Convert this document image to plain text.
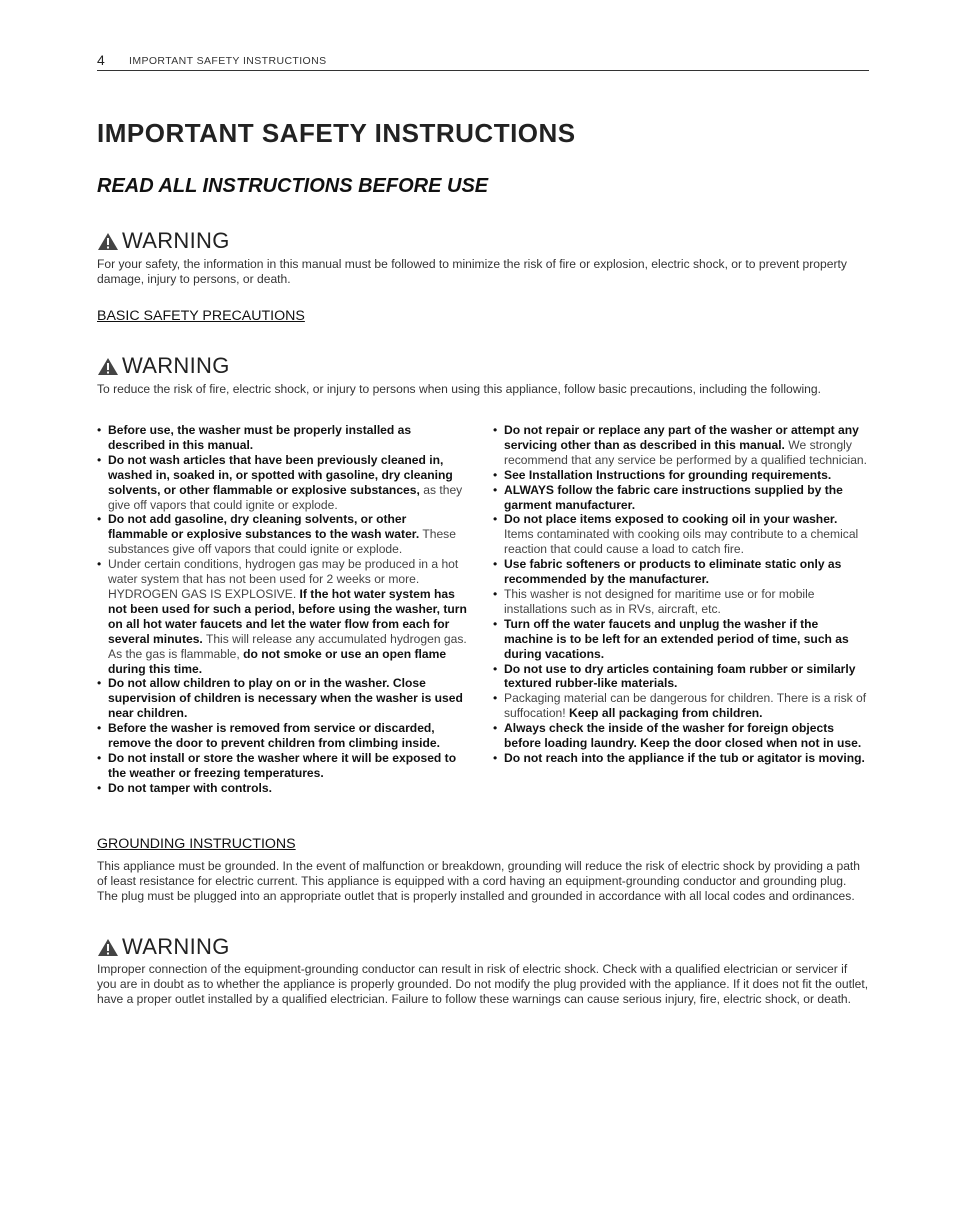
4 IMPORTANT SAFETY INSTRUCTIONS
IMPORTANT SAFETY INSTRUCTIONS
READ ALL INSTRUCTIONS BEFORE USE
WARNING

For your safety, the information in this manual must be followed to minimize the risk of fire or explosion, electric shock, or to prevent property damage, injury to persons, or death.

BASIC SAFETY PRECAUTIONS

WARNING

To reduce the risk of fire, electric shock, or injury to persons when using this appliance, follow basic precautions, including the following.

• Before use, the washer must be properly installed as described in this manual.
• Do not wash articles that have been previously cleaned in, washed in, soaked in, or spotted with gasoline, dry cleaning solvents, or other flammable or explosive substances, as they give off vapors that could ignite or explode.
• Do not add gasoline, dry cleaning solvents, or other flammable or explosive substances to the wash water. These substances give off vapors that could ignite or explode.
• Under certain conditions, hydrogen gas may be produced in a hot water system that has not been used for 2 weeks or more. HYDROGEN GAS IS EXPLOSIVE. If the hot water system has not been used for such a period, before using the washer, turn on all hot water faucets and let the water flow from each for several minutes. This will release any accumulated hydrogen gas. As the gas is flammable, do not smoke or use an open flame during this time.
• Do not allow children to play on or in the washer. Close supervision of children is necessary when the washer is used near children.
• Before the washer is removed from service or discarded, remove the door to prevent children from climbing inside.
• Do not install or store the washer where it will be exposed to the weather or freezing temperatures.
• Do not tamper with controls.
• Do not repair or replace any part of the washer or attempt any servicing other than as described in this manual. We strongly recommend that any service be performed by a qualified technician.
• See Installation Instructions for grounding requirements.
• ALWAYS follow the fabric care instructions supplied by the garment manufacturer.
• Do not place items exposed to cooking oil in your washer. Items contaminated with cooking oils may contribute to a chemical reaction that could cause a load to catch fire.
• Use fabric softeners or products to eliminate static only as recommended by the manufacturer.
• This washer is not designed for maritime use or for mobile installations such as in RVs, aircraft, etc.
• Turn off the water faucets and unplug the washer if the machine is to be left for an extended period of time, such as during vacations.
• Do not use to dry articles containing foam rubber or similarly textured rubber-like materials.
• Packaging material can be dangerous for children. There is a risk of suffocation! Keep all packaging from children.
• Always check the inside of the washer for foreign objects before loading laundry. Keep the door closed when not in use.
• Do not reach into the appliance if the tub or agitator is moving.

GROUNDING INSTRUCTIONS

This appliance must be grounded. In the event of malfunction or breakdown, grounding will reduce the risk of electric shock by providing a path of least resistance for electric current. This appliance is equipped with a cord having an equipment-grounding conductor and grounding plug. The plug must be plugged into an appropriate outlet that is properly installed and grounded in accordance with all local codes and ordinances.

WARNING

Improper connection of the equipment-grounding conductor can result in risk of electric shock. Check with a qualified electrician or servicer if you are in doubt as to whether the appliance is properly grounded. Do not modify the plug provided with the appliance. If it does not fit the outlet, have a proper outlet installed by a qualified electrician. Failure to follow these warnings can cause serious injury, fire, electric shock, or death.
